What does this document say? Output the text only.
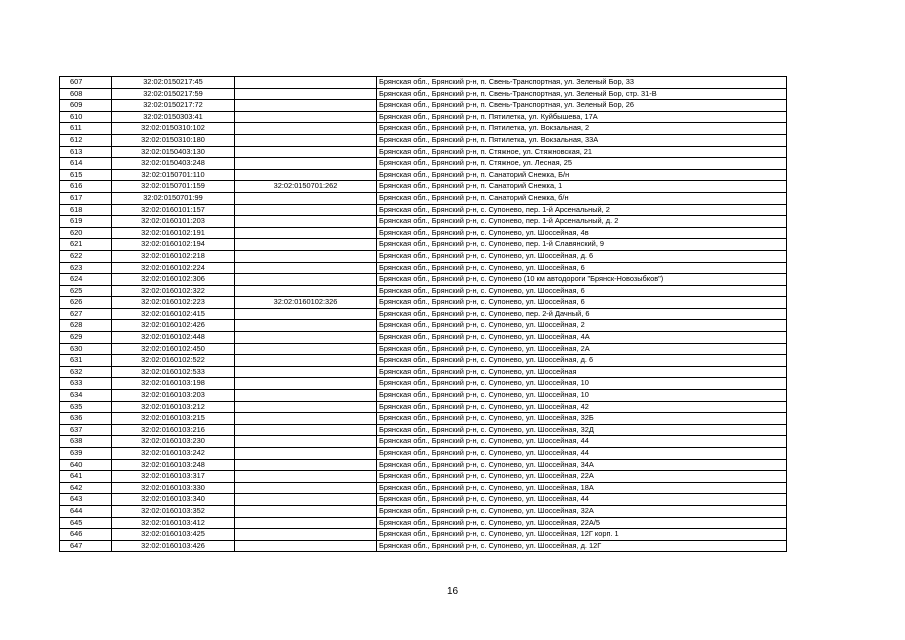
607	32:02:0150217:45		Брянская обл., Брянский р-н, п. Свень-Транспортная, ул. Зеленый Бор, 33
608	32:02:0150217:59		Брянская обл., Брянский р-н, п. Свень-Транспортная, ул. Зеленый Бор, стр. 31-В
609	32:02:0150217:72		Брянская обл., Брянский р-н, п. Свень-Транспортная, ул. Зеленый Бор, 26
610	32:02:0150303:41		Брянская обл., Брянский р-н, п. Пятилетка, ул. Куйбышева, 17А
611	32:02:0150310:102		Брянская обл., Брянский р-н, п. Пятилетка, ул. Вокзальная, 2
612	32:02:0150310:180		Брянская обл., Брянский р-н, п. Пятилетка, ул. Вокзальная, 33А
613	32:02:0150403:130		Брянская обл., Брянский р-н, п. Стяжное, ул. Стяжновская, 21
614	32:02:0150403:248		Брянская обл., Брянский р-н, п. Стяжное, ул. Лесная, 25
615	32:02:0150701:110		Брянская обл., Брянский р-н, п. Санаторий Снежка, Б/н
616	32:02:0150701:159	32:02:0150701:262	Брянская обл., Брянский р-н, п. Санаторий Снежка, 1
617	32:02:0150701:99		Брянская обл., Брянский р-н, п. Санаторий Снежка, б/н
618	32:02:0160101:157		Брянская обл., Брянский р-н, с. Супонево, пер. 1-й Арсенальный, 2
619	32:02:0160101:203		Брянская обл., Брянский р-н, с. Супонево, пер. 1-й Арсенальный, д. 2
620	32:02:0160102:191		Брянская обл., Брянский р-н, с. Супонево, ул. Шоссейная, 4в
621	32:02:0160102:194		Брянская обл., Брянский р-н, с. Супонево, пер. 1-й Славянский, 9
622	32:02:0160102:218		Брянская обл., Брянский р-н, с. Супонево, ул. Шоссейная, д. 6
623	32:02:0160102:224		Брянская обл., Брянский р-н, с. Супонево, ул. Шоссейная, 6
624	32:02:0160102:306		Брянская обл., Брянский р-н, с. Супонево (10 км автодороги "Брянск-Новозыбков")
625	32:02:0160102:322		Брянская обл., Брянский р-н, с. Супонево, ул. Шоссейная, 6
626	32:02:0160102:223	32:02:0160102:326	Брянская обл., Брянский р-н, с. Супонево, ул. Шоссейная, 6
627	32:02:0160102:415		Брянская обл., Брянский р-н, с. Супонево, пер. 2-й Дачный, 6
628	32:02:0160102:426		Брянская обл., Брянский р-н, с. Супонево, ул. Шоссейная, 2
629	32:02:0160102:448		Брянская обл., Брянский р-н, с. Супонево, ул. Шоссейная, 4А
630	32:02:0160102:450		Брянская обл., Брянский р-н, с. Супонево, ул. Шоссейная, 2А
631	32:02:0160102:522		Брянская обл., Брянский р-н, с. Супонево, ул. Шоссейная, д. 6
632	32:02:0160102:533		Брянская обл., Брянский р-н, с. Супонево, ул. Шоссейная
633	32:02:0160103:198		Брянская обл., Брянский р-н, с. Супонево, ул. Шоссейная, 10
634	32:02:0160103:203		Брянская обл., Брянский р-н, с. Супонево, ул. Шоссейная, 10
635	32:02:0160103:212		Брянская обл., Брянский р-н, с. Супонево, ул. Шоссейная, 42
636	32:02:0160103:215		Брянская обл., Брянский р-н, с. Супонево, ул. Шоссейная, 32Б
637	32:02:0160103:216		Брянская обл., Брянский р-н, с. Супонево, ул. Шоссейная, 32Д
638	32:02:0160103:230		Брянская обл., Брянский р-н, с. Супонево, ул. Шоссейная, 44
639	32:02:0160103:242		Брянская обл., Брянский р-н, с. Супонево, ул. Шоссейная, 44
640	32:02:0160103:248		Брянская обл., Брянский р-н, с. Супонево, ул. Шоссейная, 34А
641	32:02:0160103:317		Брянская обл., Брянский р-н, с. Супонево, ул. Шоссейная, 22А
642	32:02:0160103:330		Брянская обл., Брянский р-н, с. Супонево, ул. Шоссейная, 18А
643	32:02:0160103:340		Брянская обл., Брянский р-н, с. Супонево, ул. Шоссейная, 44
644	32:02:0160103:352		Брянская обл., Брянский р-н, с. Супонево, ул. Шоссейная, 32А
645	32:02:0160103:412		Брянская обл., Брянский р-н, с. Супонево, ул. Шоссейная, 22А/5
646	32:02:0160103:425		Брянская обл., Брянский р-н, с. Супонево, ул. Шоссейная, 12Г корп. 1
647	32:02:0160103:426		Брянская обл., Брянский р-н, с. Супонево, ул. Шоссейная, д. 12Г
16
